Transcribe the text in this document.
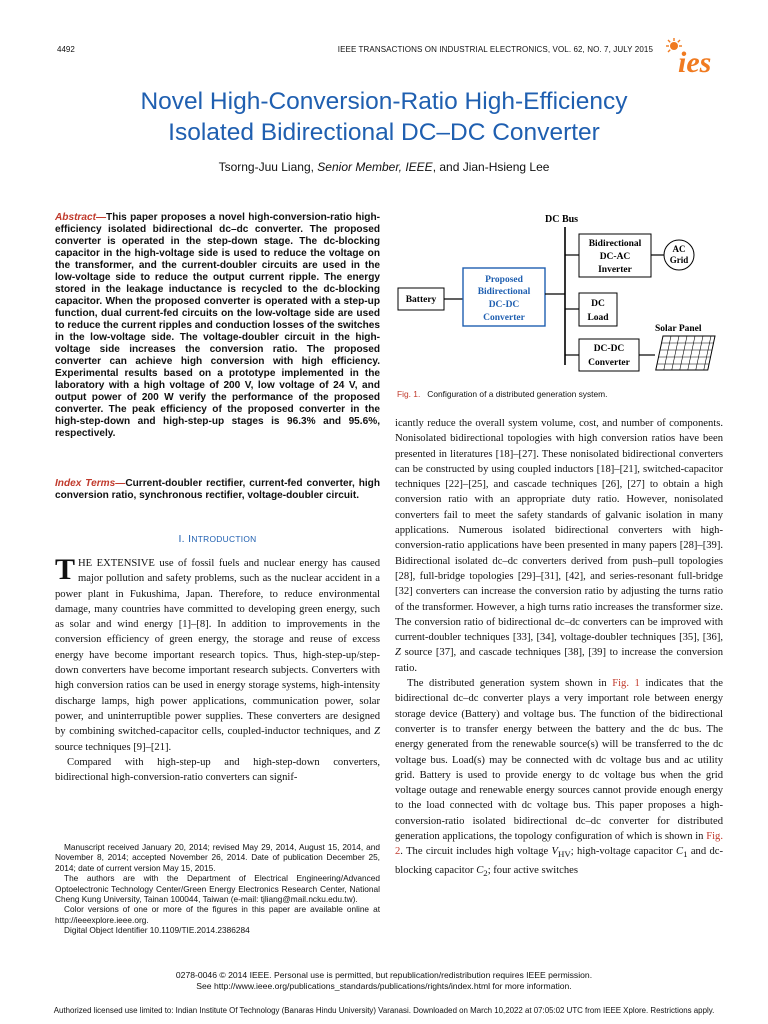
4492	IEEE TRANSACTIONS ON INDUSTRIAL ELECTRONICS, VOL. 62, NO. 7, JULY 2015 ies
Novel High-Conversion-Ratio High-Efficiency
Isolated Bidirectional DC–DC Converter
Tsorng-Juu Liang, Senior Member, IEEE, and Jian-Hsieng Lee

Abstract—This paper proposes a novel high-conversion-ratio high-efficiency isolated bidirectional dc–dc converter. The proposed converter is operated in the step-down stage. The dc-blocking capacitor in the high-voltage side is used to reduce the voltage on the transformer, and the current-doubler circuits are used in the low-voltage side to reduce the output current ripple. The energy stored in the leakage inductance is recycled to the dc-blocking capacitor. When the proposed converter is operated with a step-up function, dual current-fed circuits on the low-voltage side are used to reduce the current ripples and conduction losses of the switches in the low-voltage side. The voltage-doubler circuit in the high-voltage side increases the conversion ratio. The proposed converter can achieve high conversion with high efficiency. Experimental results based on a prototype implemented in the laboratory with a high voltage of 200 V, low voltage of 24 V, and output power of 200 W verify the performance of the proposed converter. The peak efficiency of the proposed converter in the high-step-down and high-step-up stages is 96.3% and 95.6%, respectively.

Index Terms—Current-doubler rectifier, current-fed converter, high conversion ratio, synchronous rectifier, voltage-doubler circuit.

I. INTRODUCTION

THE EXTENSIVE use of fossil fuels and nuclear energy has caused major pollution and safety problems, such as the nuclear accident in a power plant in Fukushima, Japan. Therefore, to reduce environmental damage, many countries have committed to developing green energy, such as solar and wind energy [1]–[8]. In addition to improvements in the conversion efficiency of green energy, the storage and reuse of excess energy have become important research topics. Thus, high-step-up/step-down converters have become important research subjects. Converters with high conversion ratios can be used in energy storage systems, high-intensity discharge lamps, high power applications, communication power, solar power, and uninterruptible power supplies. These converters are designed by combining switched-capacitor cells, coupled-inductor techniques, and Z source techniques [9]–[21].

Compared with high-step-up and high-step-down converters, bidirectional high-conversion-ratio converters can signif-

Manuscript received January 20, 2014; revised May 29, 2014, August 15, 2014, and November 8, 2014; accepted November 26, 2014. Date of publication December 25, 2014; date of current version May 15, 2015.

The authors are with the Department of Electrical Engineering/Advanced Optoelectronic Technology Center/Green Energy Electronics Research Center, National Cheng Kung University, Tainan 100044, Taiwan (e-mail: tjliang@mail.ncku.edu.tw).

Color versions of one or more of the figures in this paper are available online at http://ieeexplore.ieee.org.

Digital Object Identifier 10.1109/TIE.2014.2386284

DC Bus
Battery
Proposed
Bidirectional
DC-DC
Converter
Bidirectional
DC-AC
Inverter
AC
Grid
DC
Load
DC-DC
Converter
Solar Panel
Fig. 1. Configuration of a distributed generation system.

icantly reduce the overall system volume, cost, and number of components. Nonisolated bidirectional topologies with high conversion ratios have been presented in literatures [18]–[27]. These nonisolated bidirectional converters can be constructed by using coupled inductors [18]–[21], switched-capacitor techniques [22]–[25], and cascade techniques [26], [27] to obtain a high conversion ratio with an appropriate duty ratio. However, nonisolated converters fail to meet the safety standards of galvanic isolation in many applications. Numerous isolated bidirectional converters with high-conversion-ratio applications have been presented in many papers [28]–[39]. Bidirectional isolated dc–dc converters derived from push–pull topologies [28], full-bridge topologies [29]–[31], [42], and series-resonant full-bridge [32] converters can increase the conversion ratio by adjusting the turns ratio of the transformer. However, a high turns ratio increases the transformer size. The conversion ratio of bidirectional dc–dc converters can be improved with current-doubler techniques [33], [34], voltage-doubler techniques [35], [36], Z source [37], and cascade techniques [38], [39] to increase the conversion ratio.

The distributed generation system shown in Fig. 1 indicates that the bidirectional dc–dc converter plays a very important role between energy storage device (Battery) and voltage bus. The function of the bidirectional converter is to transfer energy between the battery and the dc bus. The energy generated from the renewable source(s) will be transferred to the dc voltage bus. Load(s) may be connected with dc voltage bus and ac utility grid. Battery is used to provide energy to dc voltage bus when the grid voltage outage and renewable energy sources cannot provide enough energy to the load connected with dc voltage bus. This paper proposes a high-conversion-ratio isolated bidirectional dc–dc converter for distributed generation applications, the topology configuration of which is shown in Fig. 2. The circuit includes high voltage $V_{HV}$; high-voltage capacitor $C_1$ and dc-blocking capacitor $C_2$; four active switches

0278-0046 © 2014 IEEE. Personal use is permitted, but republication/redistribution requires IEEE permission.
See http://www.ieee.org/publications_standards/publications/rights/index.html for more information.
Authorized licensed use limited to: Indian Institute Of Technology (Banaras Hindu University) Varanasi. Downloaded on March 10,2022 at 07:05:02 UTC from IEEE Xplore. Restrictions apply.
